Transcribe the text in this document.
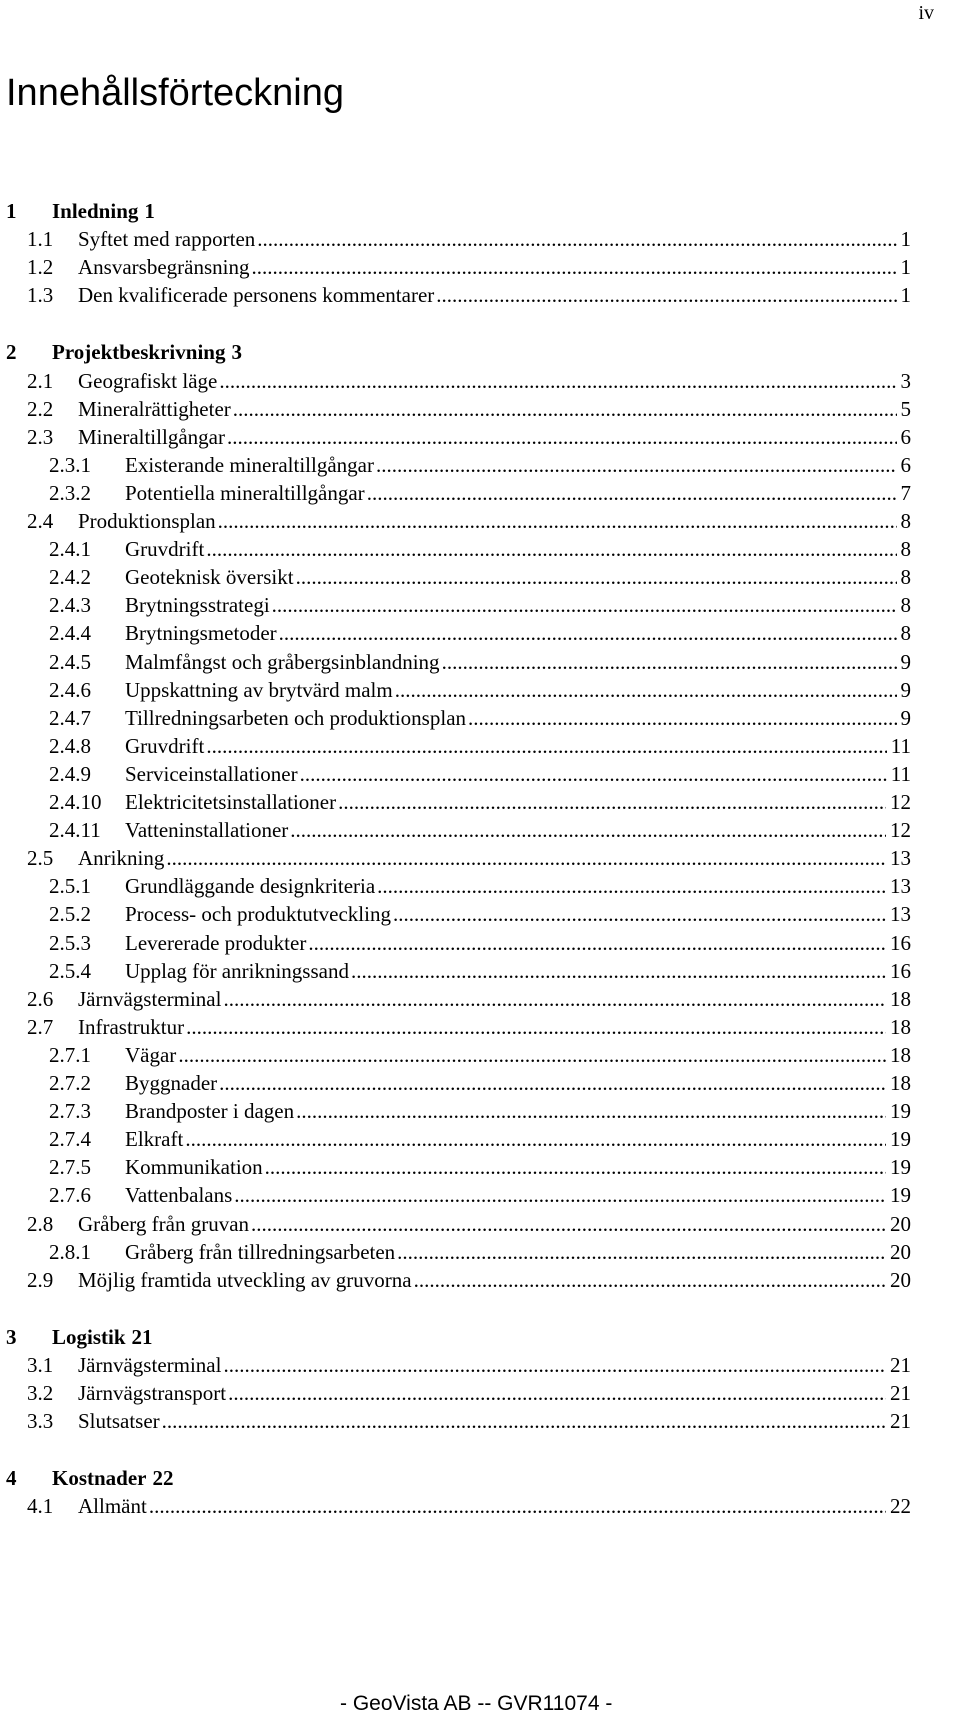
iv
Innehållsförteckning
1 Inledning 1
1.1 Syftet med rapporten .....	1
1.2 Ansvarsbegränsning .....	1
1.3 Den kvalificerade personens kommentarer .....	1
2 Projektbeskrivning 3
2.1 Geografiskt läge .....	3
2.2 Mineralrättigheter .....	5
2.3 Mineraltillgångar .....	6
2.3.1 Existerande mineraltillgångar .....	6
2.3.2 Potentiella mineraltillgångar .....	7
2.4 Produktionsplan .....	8
2.4.1 Gruvdrift .....	8
2.4.2 Geoteknisk översikt .....	8
2.4.3 Brytningsstrategi .....	8
2.4.4 Brytningsmetoder .....	8
2.4.5 Malmfångst och gråbergsinblandning .....	9
2.4.6 Uppskattning av brytvärd malm .....	9
2.4.7 Tillredningsarbeten och produktionsplan .....	9
2.4.8 Gruvdrift .....	11
2.4.9 Serviceinstallationer .....	11
2.4.10 Elektricitetsinstallationer .....	12
2.4.11 Vatteninstallationer .....	12
2.5 Anrikning .....	13
2.5.1 Grundläggande designkriteria .....	13
2.5.2 Process- och produktutveckling .....	13
2.5.3 Levererade produkter .....	16
2.5.4 Upplag för anrikningssand .....	16
2.6 Järnvägsterminal .....	18
2.7 Infrastruktur .....	18
2.7.1 Vägar .....	18
2.7.2 Byggnader .....	18
2.7.3 Brandposter i dagen .....	19
2.7.4 Elkraft .....	19
2.7.5 Kommunikation .....	19
2.7.6 Vattenbalans .....	19
2.8 Gråberg från gruvan .....	20
2.8.1 Gråberg från tillredningsarbeten .....	20
2.9 Möjlig framtida utveckling av gruvorna .....	20
3 Logistik 21
3.1 Järnvägsterminal .....	21
3.2 Järnvägstransport .....	21
3.3 Slutsatser .....	21
4 Kostnader 22
4.1 Allmänt .....	22
- GeoVista AB -- GVR11074 -
